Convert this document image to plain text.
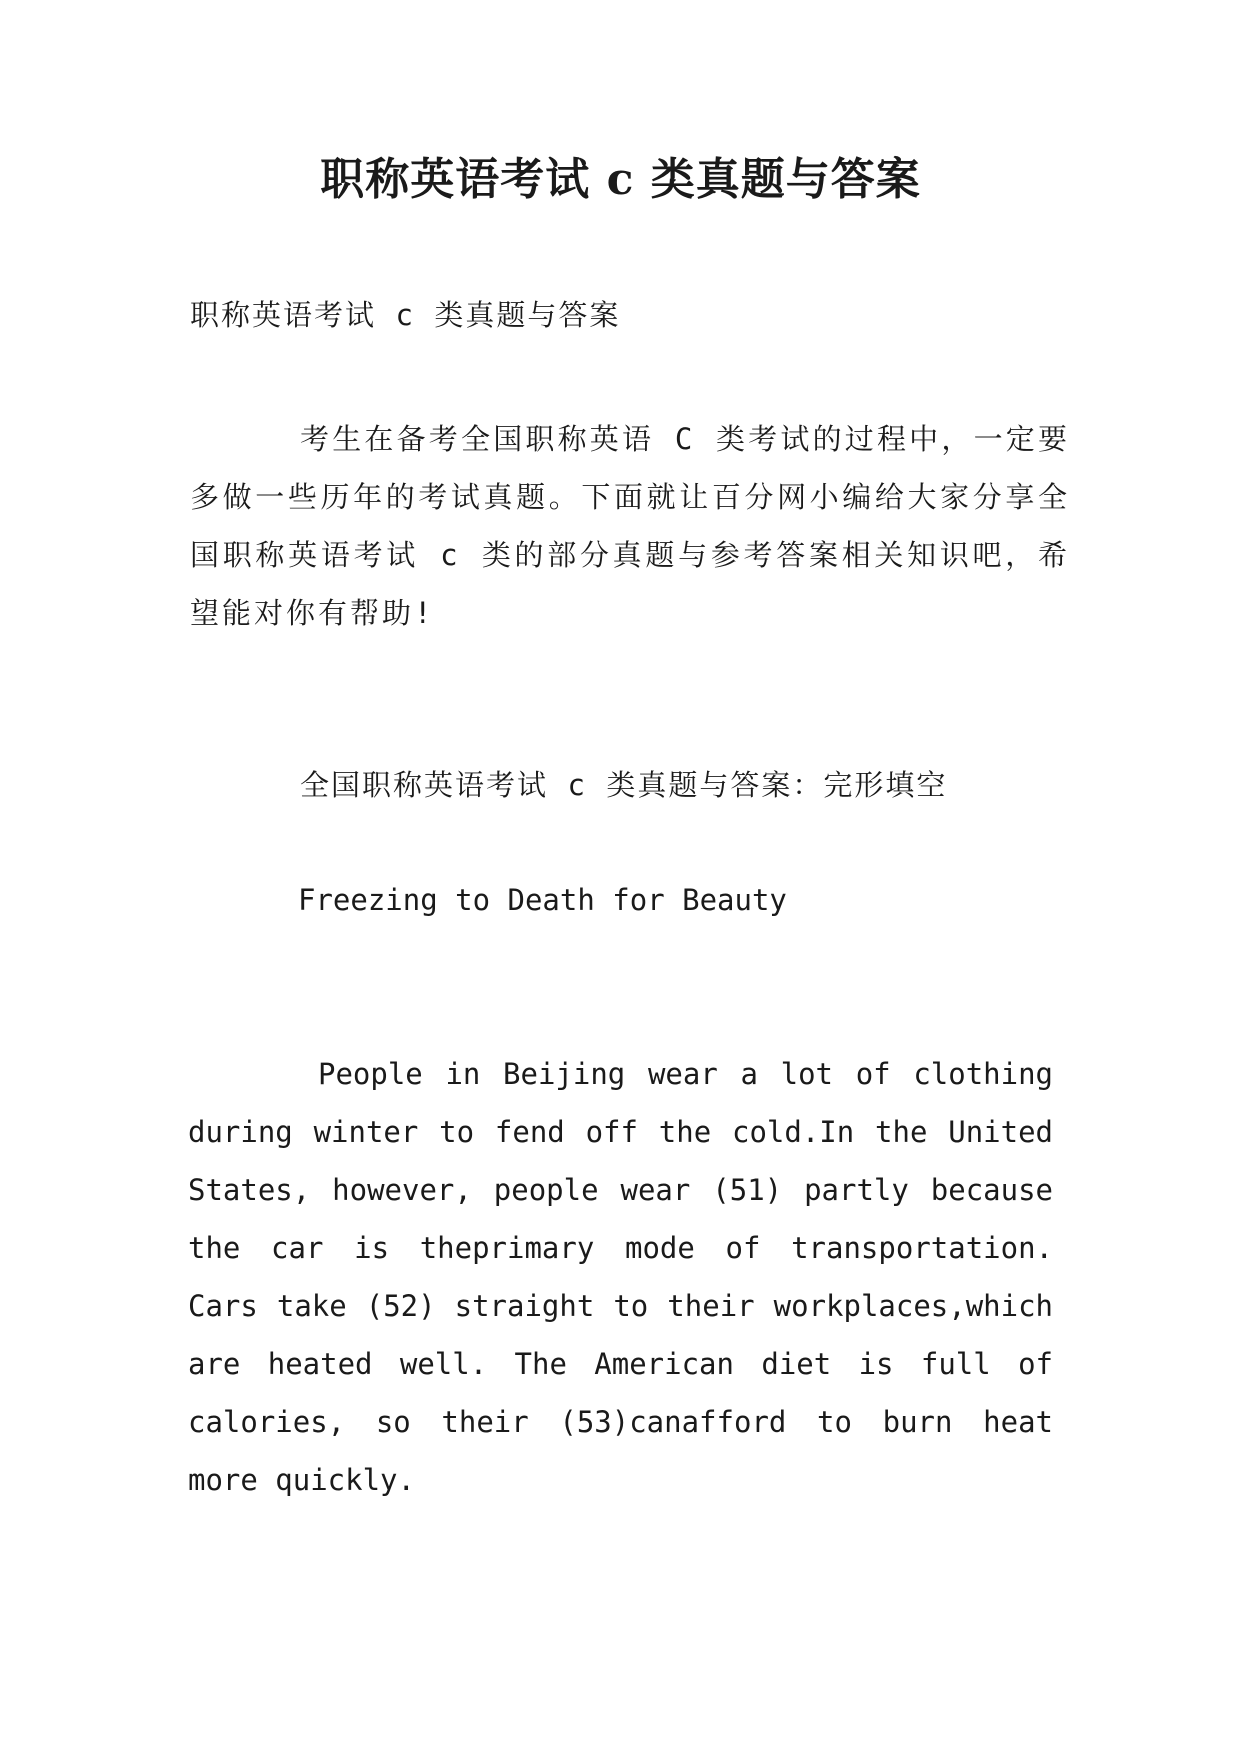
职称英语考试 c 类真题与答案
职称英语考试 c 类真题与答案
考生在备考全国职称英语 C 类考试的过程中，一定要多做一些历年的考试真题。下面就让百分网小编给大家分享全国职称英语考试 c 类的部分真题与参考答案相关知识吧，希望能对你有帮助!
全国职称英语考试 c 类真题与答案：完形填空
Freezing to Death for Beauty
People in Beijing wear a lot of clothing during winter to fend off the cold.In the United States, however, people wear (51) partly because the car is theprimary mode of transportation. Cars take (52) straight to their workplaces,which are heated well. The American diet is full of calories, so their (53)canafford to burn heat more quickly.
